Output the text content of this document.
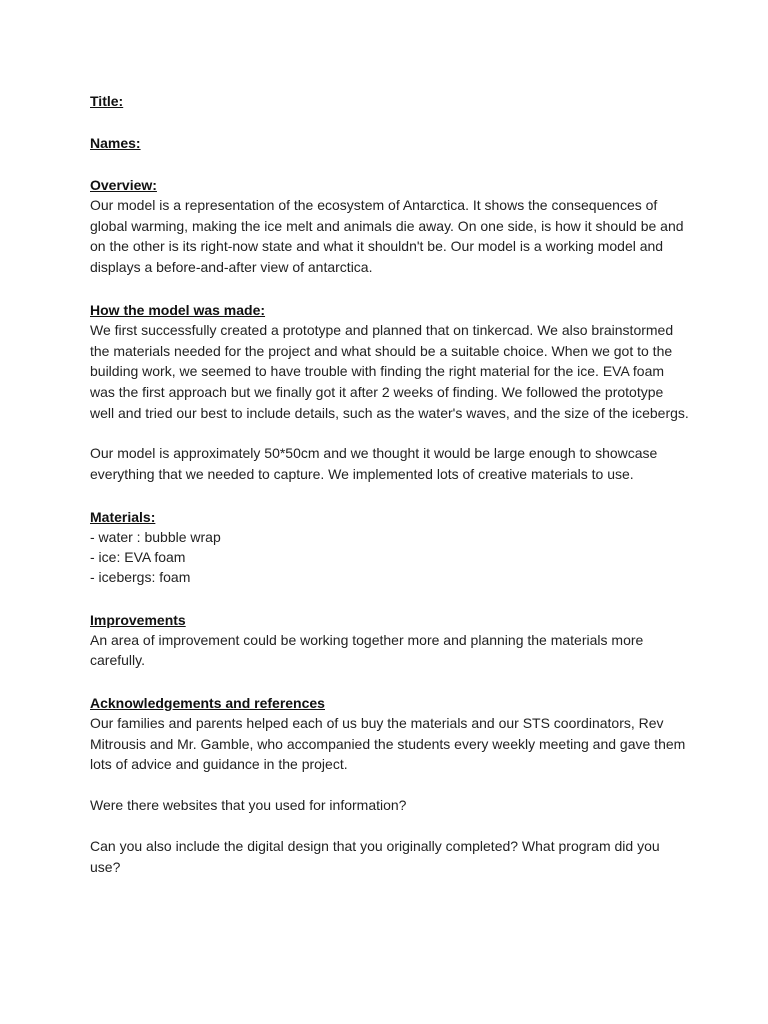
Title:

Names:

Overview:

Our model is a representation of the ecosystem of Antarctica. It shows the consequences of global warming, making the ice melt and animals die away. On one side, is how it should be and on the other is its right-now state and what it shouldn't be. Our model is a working model and displays a before-and-after view of antarctica.

How the model was made:

We first successfully created a prototype and planned that on tinkercad. We also brainstormed the materials needed for the project and what should be a suitable choice. When we got to the building work, we seemed to have trouble with finding the right material for the ice. EVA foam was the first approach but we finally got it after 2 weeks of finding. We followed the prototype well and tried our best to include details, such as the water's waves, and the size of the icebergs.

Our model is approximately 50*50cm and we thought it would be large enough to showcase everything that we needed to capture. We implemented lots of creative materials to use.

Materials:

- water : bubble wrap
- ice: EVA foam
- icebergs: foam

Improvements

An area of improvement could be working together more and planning the materials more carefully.

Acknowledgements and references

Our families and parents helped each of us buy the materials and our STS coordinators, Rev Mitrousis and Mr. Gamble, who accompanied the students every weekly meeting and gave them lots of advice and guidance in the project.

Were there websites that you used for information?

Can you also include the digital design that you originally completed? What program did you use?
